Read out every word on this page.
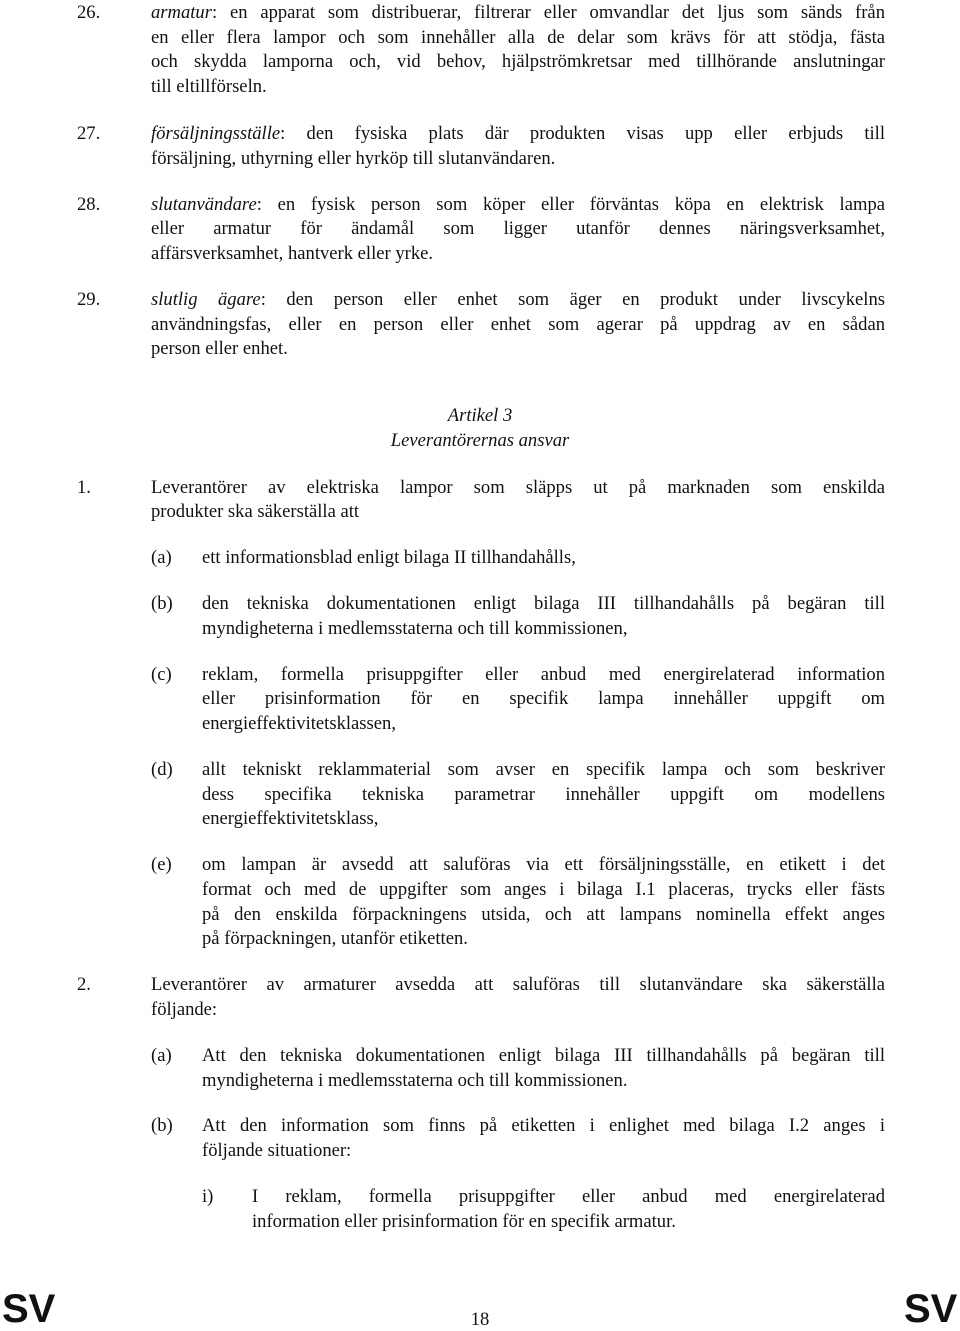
26.	armatur: en apparat som distribuerar, filtrerar eller omvandlar det ljus som sänds från
en eller flera lampor och som innehåller alla de delar som krävs för att stödja, fästa
och skydda lamporna och, vid behov, hjälpströmkretsar med tillhörande anslutningar
till eltillförseln.
27.	försäljningsställe: den fysiska plats där produkten visas upp eller erbjuds till
försäljning, uthyrning eller hyrköp till slutanvändaren.
28.	slutanvändare: en fysisk person som köper eller förväntas köpa en elektrisk lampa
eller armatur för ändamål som ligger utanför dennes näringsverksamhet,
affärsverksamhet, hantverk eller yrke.
29.	slutlig ägare: den person eller enhet som äger en produkt under livscykelns
användningsfas, eller en person eller enhet som agerar på uppdrag av en sådan
person eller enhet.
Artikel 3
Leverantörernas ansvar
1.	Leverantörer av elektriska lampor som släpps ut på marknaden som enskilda
produkter ska säkerställa att
(a) ett informationsblad enligt bilaga II tillhandahålls,
(b) den tekniska dokumentationen enligt bilaga III tillhandahålls på begäran till
myndigheterna i medlemsstaterna och till kommissionen,
(c) reklam, formella prisuppgifter eller anbud med energirelaterad information
eller prisinformation för en specifik lampa innehåller uppgift om
energieffektivitetsklassen,
(d) allt tekniskt reklammaterial som avser en specifik lampa och som beskriver
dess specifika tekniska parametrar innehåller uppgift om modellens
energieffektivitetsklass,
(e) om lampan är avsedd att saluföras via ett försäljningsställe, en etikett i det
format och med de uppgifter som anges i bilaga I.1 placeras, trycks eller fästs
på den enskilda förpackningens utsida, och att lampans nominella effekt anges
på förpackningen, utanför etiketten.
2.	Leverantörer av armaturer avsedda att saluföras till slutanvändare ska säkerställa
följande:
(a) Att den tekniska dokumentationen enligt bilaga III tillhandahålls på begäran till
myndigheterna i medlemsstaterna och till kommissionen.
(b) Att den information som finns på etiketten i enlighet med bilaga I.2 anges i
följande situationer:
i) I reklam, formella prisuppgifter eller anbud med energirelaterad
information eller prisinformation för en specifik armatur.
SV	18	SV
